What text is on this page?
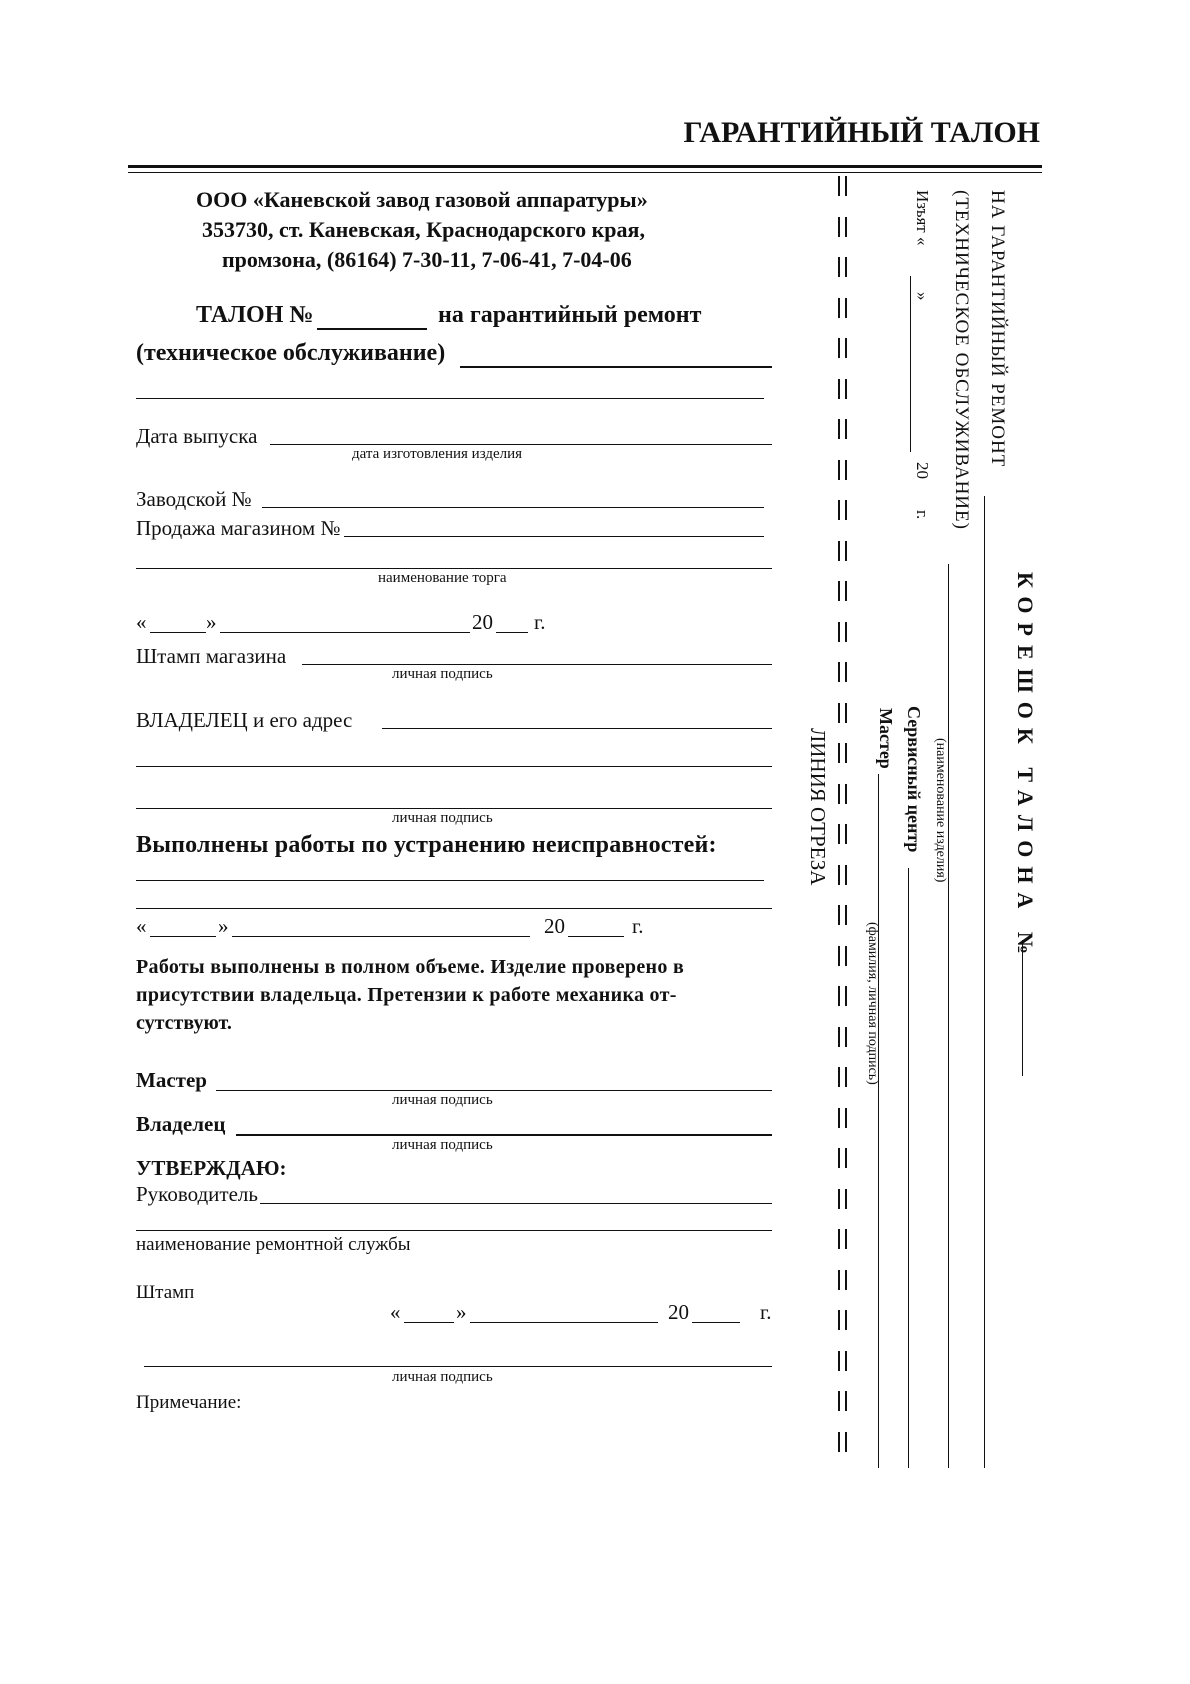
ГАРАНТИЙНЫЙ ТАЛОН
ООО «Каневской завод газовой аппаратуры»
353730, ст. Каневская, Краснодарского края,
промзона, (86164) 7-30-11, 7-06-41, 7-04-06
ТАЛОН №	на гарантийный ремонт
(техническое обслуживание)
Дата выпуска
дата изготовления изделия
Заводской №
Продажа магазином №
наименование торга
«	»	20 г.
Штамп магазина
личная подпись
ВЛАДЕЛЕЦ и его адрес
личная подпись
Выполнены работы по устранению неисправностей:
«	»	20	г.
Работы выполнены в полном объеме. Изделие проверено в
присутствии владельца. Претензии к работе механика от-
сутствуют.
Мастер
личная подпись
Владелец
личная подпись
УТВЕРЖДАЮ:
Руководитель
наименование ремонтной службы
Штамп
«	»	20	г.
личная подпись
Примечание:
ЛИНИЯ ОТРЕЗА	КОРЕШОК ТАЛОНА №
НА ГАРАНТИЙНЫЙ РЕМОНТ
(ТЕХНИЧЕСКОЕ ОБСЛУЖИВАНИЕ)
(наименование изделия)
Изъят «
»
20
г.
Сервисный центр
Мастер
(фамилия, личная подпись)
